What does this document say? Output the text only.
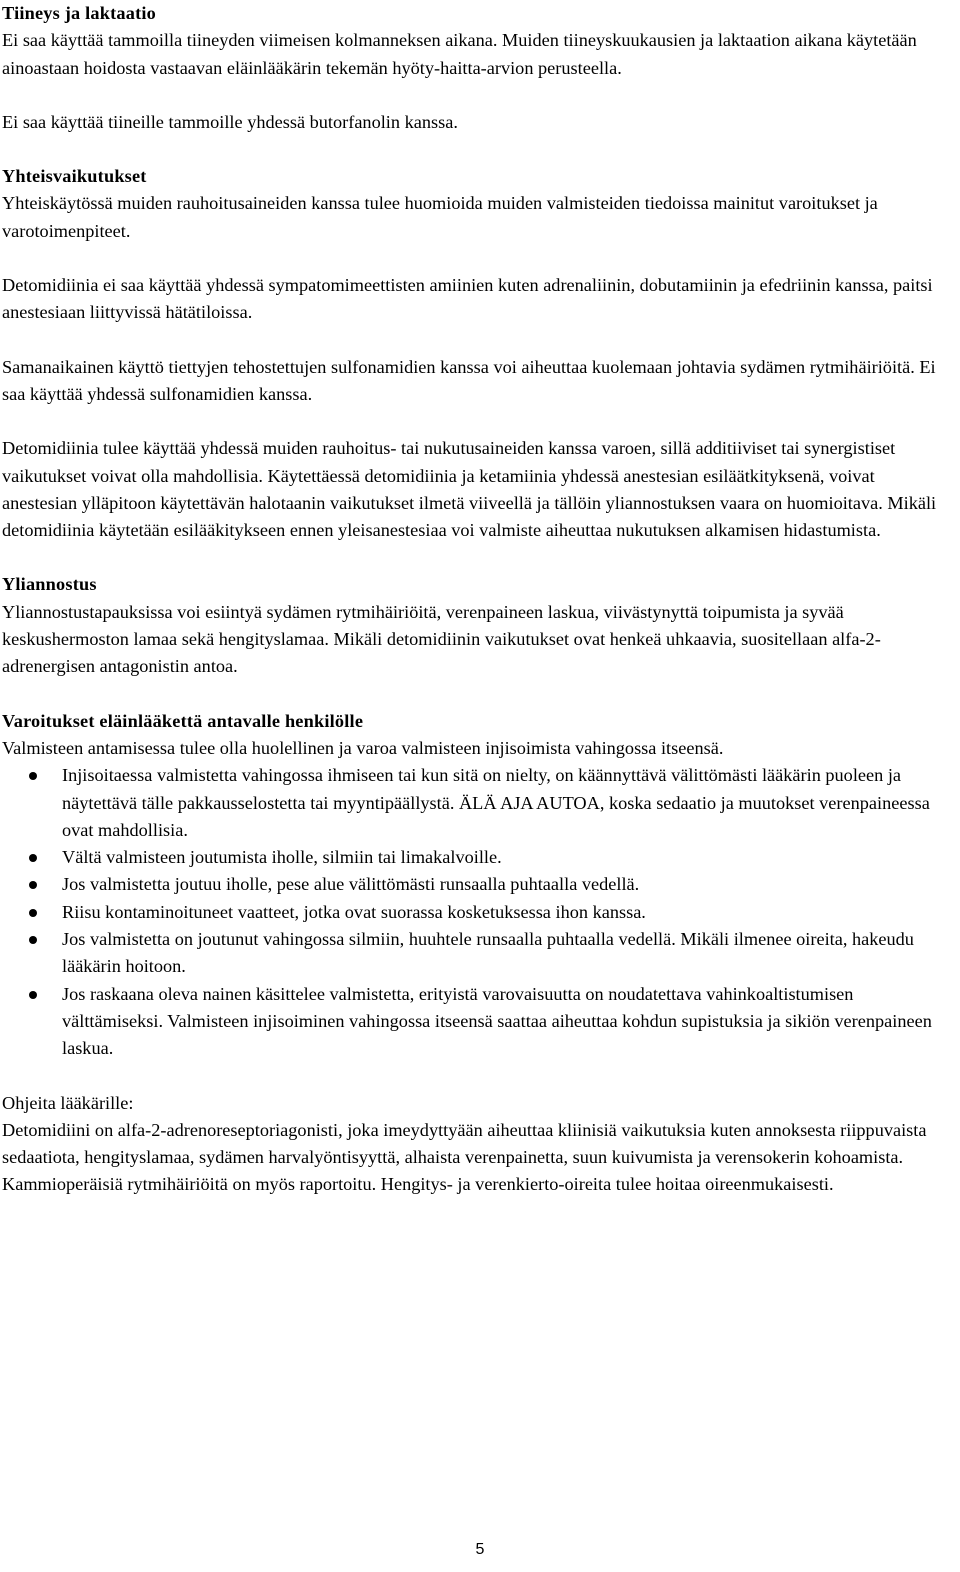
Tiineys ja laktaatio

Ei saa käyttää tammoilla tiineyden viimeisen kolmanneksen aikana. Muiden tiineyskuukausien ja laktaation aikana käytetään ainoastaan hoidosta vastaavan eläinlääkärin tekemän hyöty-haitta-arvion perusteella.

Ei saa käyttää tiineille tammoille yhdessä butorfanolin kanssa.

Yhteisvaikutukset

Yhteiskäytössä muiden rauhoitusaineiden kanssa tulee huomioida muiden valmisteiden tiedoissa mainitut varoitukset ja varotoimenpiteet.

Detomidiinia ei saa käyttää yhdessä sympatomimeettisten amiinien kuten adrenaliinin, dobutamiinin ja efedriinin kanssa, paitsi anestesiaan liittyvissä hätätiloissa.

Samanaikainen käyttö tiettyjen tehostettujen sulfonamidien kanssa voi aiheuttaa kuolemaan johtavia sydämen rytmihäiriöitä. Ei saa käyttää yhdessä sulfonamidien kanssa.

Detomidiinia tulee käyttää yhdessä muiden rauhoitus- tai nukutusaineiden kanssa varoen, sillä additiiviset tai synergistiset vaikutukset voivat olla mahdollisia. Käytettäessä detomidiinia ja ketamiinia yhdessä anestesian esiläätkityksenä, voivat anestesian ylläpitoon käytettävän halotaanin vaikutukset ilmetä viiveellä ja tällöin yliannostuksen vaara on huomioitava. Mikäli detomidiinia käytetään esilääkitykseen ennen yleisanestesiaa voi valmiste aiheuttaa nukutuksen alkamisen hidastumista.

Yliannostus

Yliannostustapauksissa voi esiintyä sydämen rytmihäiriöitä, verenpaineen laskua, viivästynyttä toipumista ja syvää keskushermoston lamaa sekä hengityslamaa. Mikäli detomidiinin vaikutukset ovat henkeä uhkaavia, suositellaan alfa-2-adrenergisen antagonistin antoa.

Varoitukset eläinlääkettä antavalle henkilölle

Valmisteen antamisessa tulee olla huolellinen ja varoa valmisteen injisoimista vahingossa itseensä.

Injisoitaessa valmistetta vahingossa ihmiseen tai kun sitä on nielty, on käännyttävä välittömästi lääkärin puoleen ja näytettävä tälle pakkausselostetta tai myyntipäällystä. ÄLÄ AJA AUTOA, koska sedaatio ja muutokset verenpaineessa ovat mahdollisia.
Vältä valmisteen joutumista iholle, silmiin tai limakalvoille.
Jos valmistetta joutuu iholle, pese alue välittömästi runsaalla puhtaalla vedellä.
Riisu kontaminoituneet vaatteet, jotka ovat suorassa kosketuksessa ihon kanssa.
Jos valmistetta on joutunut vahingossa silmiin, huuhtele runsaalla puhtaalla vedellä. Mikäli ilmenee oireita, hakeudu lääkärin hoitoon.
Jos raskaana oleva nainen käsittelee valmistetta, erityistä varovaisuutta on noudatettava vahinkoaltistumisen välttämiseksi. Valmisteen injisoiminen vahingossa itseensä saattaa aiheuttaa kohdun supistuksia ja sikiön verenpaineen laskua.
Ohjeita lääkärille:

Detomidiini on alfa-2-adrenoreseptoriagonisti, joka imeydyttyään aiheuttaa kliinisiä vaikutuksia kuten annoksesta riippuvaista sedaatiota, hengityslamaa, sydämen harvalyöntisyyttä, alhaista verenpainetta, suun kuivumista ja verensokerin kohoamista. Kammioperäisiä rytmihäiriöitä on myös raportoitu. Hengitys- ja verenkierto-oireita tulee hoitaa oireenmukaisesti.

5
